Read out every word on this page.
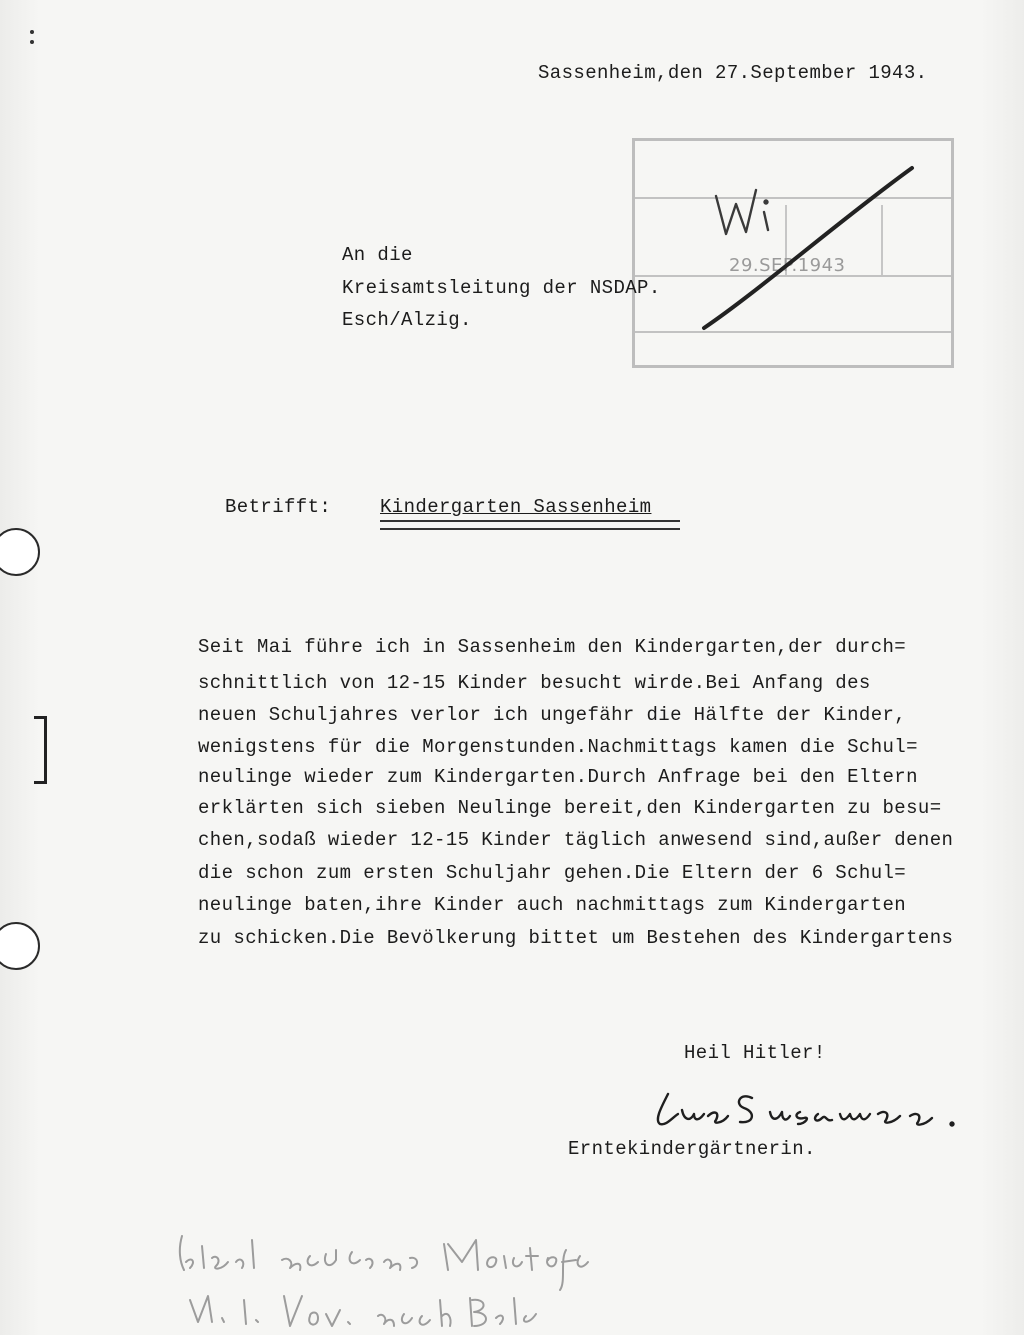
Sassenheim,den 27.September 1943.
29.SEP.1943
An die
Kreisamtsleitung der NSDAP.
Esch/Alzig.
Betrifft:	Kindergarten Sassenheim
Seit Mai führe ich in Sassenheim den Kindergarten,der durch=
schnittlich von 12-15 Kinder besucht wirde.Bei Anfang des
neuen Schuljahres verlor ich ungefähr die Hälfte der Kinder,
wenigstens für die Morgenstunden.Nachmittags kamen die Schul=
neulinge wieder zum Kindergarten.Durch Anfrage bei den Eltern
erklärten sich sieben Neulinge bereit,den Kindergarten zu besu=
chen,sodaß wieder 12-15 Kinder täglich anwesend sind,außer denen
die schon zum ersten Schuljahr gehen.Die Eltern der 6 Schul=
neulinge baten,ihre Kinder auch nachmittags zum Kindergarten
zu schicken.Die Bevölkerung bittet um Bestehen des Kindergartens
Heil Hitler!
Erntekindergärtnerin.
